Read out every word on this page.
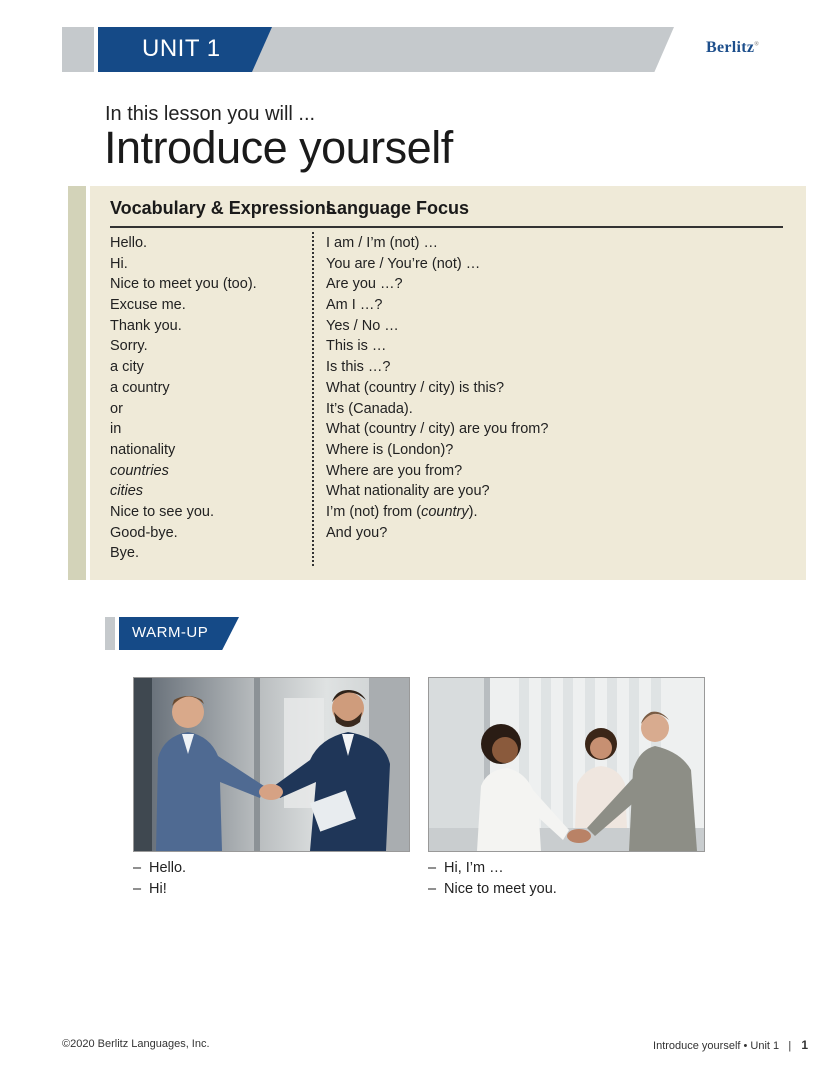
UNIT 1	Berlitz®
In this lesson you will ...
Introduce yourself
Vocabulary & Expressions
Language Focus
Hello.
Hi.
Nice to meet you (too).
Excuse me.
Thank you.
Sorry.
a city
a country
or
in
nationality
countries
cities
Nice to see you.
Good-bye.
Bye.
I am / I’m (not) …
You are / You’re (not) …
Are you …?
Am I …?
Yes / No …
This is …
Is this …?
What (country / city) is this?
It’s (Canada).
What (country / city) are you from?
Where is (London)?
Where are you from?
What nationality are you?
I’m (not) from (country).
And you?
WARM-UP
– Hello.
– Hi!
– Hi, I’m …
– Nice to meet you.
©2020 Berlitz Languages, Inc.	Introduce yourself • Unit 1 | 1
